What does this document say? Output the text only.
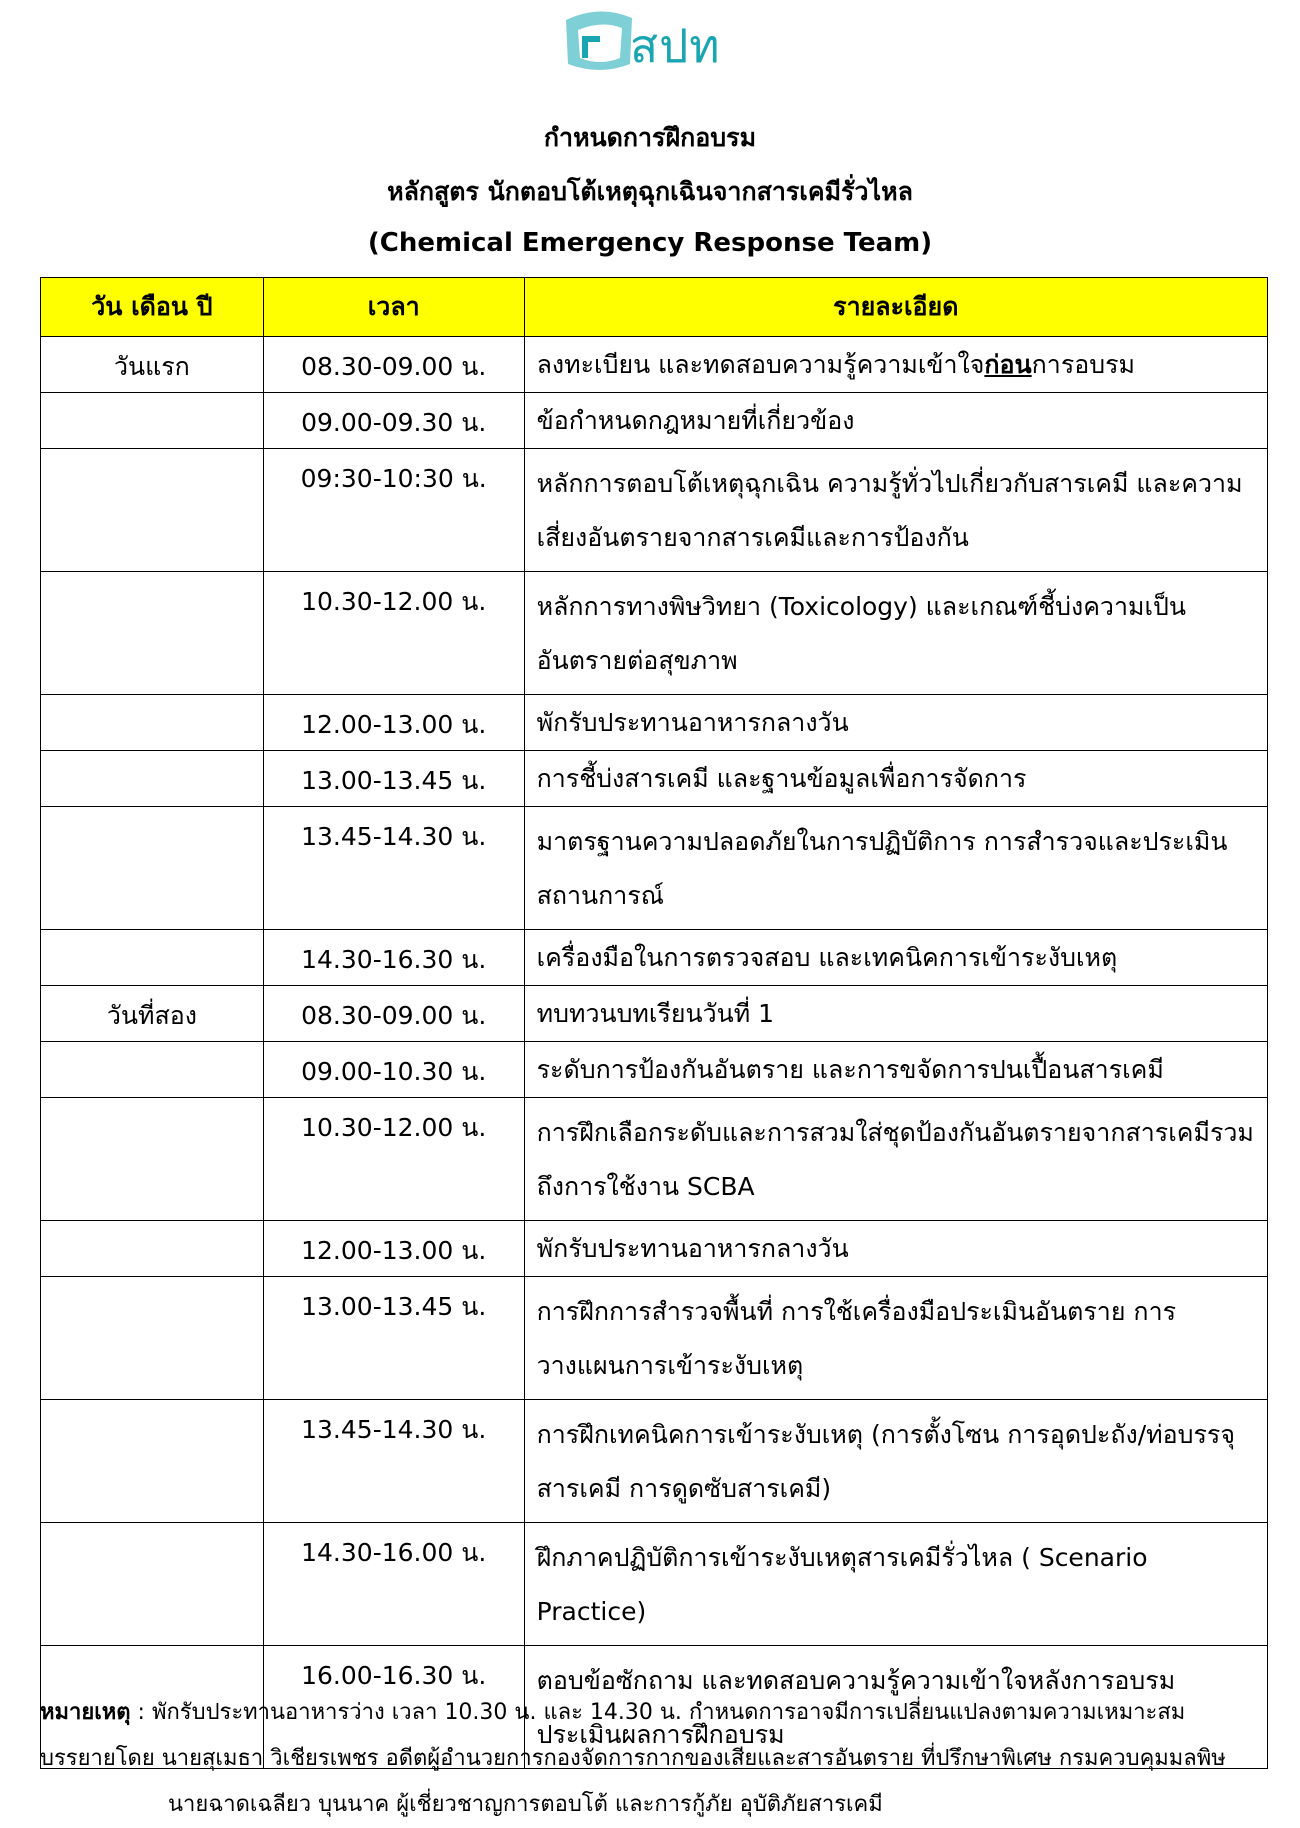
สปท
กำหนดการฝึกอบรม
หลักสูตร นักตอบโต้เหตุฉุกเฉินจากสารเคมีรั่วไหล
(Chemical Emergency Response Team)
วัน เดือน ปี	เวลา	รายละเอียด
วันแรก	08.30-09.00 น.	ลงทะเบียน และทดสอบความรู้ความเข้าใจก่อนการอบรม
	09.00-09.30 น.	ข้อกำหนดกฎหมายที่เกี่ยวข้อง
	09:30-10:30 น.	หลักการตอบโต้เหตุฉุกเฉิน ความรู้ทั่วไปเกี่ยวกับสารเคมี และความเสี่ยงอันตรายจากสารเคมีและการป้องกัน
	10.30-12.00 น.	หลักการทางพิษวิทยา (Toxicology) และเกณฑ์ชี้บ่งความเป็นอันตรายต่อสุขภาพ
	12.00-13.00 น.	พักรับประทานอาหารกลางวัน
	13.00-13.45 น.	การชี้บ่งสารเคมี และฐานข้อมูลเพื่อการจัดการ
	13.45-14.30 น.	มาตรฐานความปลอดภัยในการปฏิบัติการ การสำรวจและประเมินสถานการณ์
	14.30-16.30 น.	เครื่องมือในการตรวจสอบ และเทคนิคการเข้าระงับเหตุ
วันที่สอง	08.30-09.00 น.	ทบทวนบทเรียนวันที่ 1
	09.00-10.30 น.	ระดับการป้องกันอันตราย และการขจัดการปนเปื้อนสารเคมี
	10.30-12.00 น.	การฝึกเลือกระดับและการสวมใส่ชุดป้องกันอันตรายจากสารเคมีรวมถึงการใช้งาน SCBA
	12.00-13.00 น.	พักรับประทานอาหารกลางวัน
	13.00-13.45 น.	การฝึกการสำรวจพื้นที่ การใช้เครื่องมือประเมินอันตราย การวางแผนการเข้าระงับเหตุ
	13.45-14.30 น.	การฝึกเทคนิคการเข้าระงับเหตุ (การตั้งโซน การอุดปะถัง/ท่อบรรจุสารเคมี การดูดซับสารเคมี)
	14.30-16.00 น.	ฝึกภาคปฏิบัติการเข้าระงับเหตุสารเคมีรั่วไหล ( Scenario Practice)
	16.00-16.30 น.	ตอบข้อซักถาม และทดสอบความรู้ความเข้าใจหลังการอบรมประเมินผลการฝึกอบรม
หมายเหตุ : พักรับประทานอาหารว่าง เวลา 10.30 น. และ 14.30 น. กำหนดการอาจมีการเปลี่ยนแปลงตามความเหมาะสม
บรรยายโดย นายสุเมธา วิเชียรเพชร อดีตผู้อำนวยการกองจัดการกากของเสียและสารอันตราย ที่ปรึกษาพิเศษ กรมควบคุมมลพิษ
นายฉาดเฉลียว บุนนาค ผู้เชี่ยวชาญการตอบโต้ และการกู้ภัย อุบัติภัยสารเคมี
